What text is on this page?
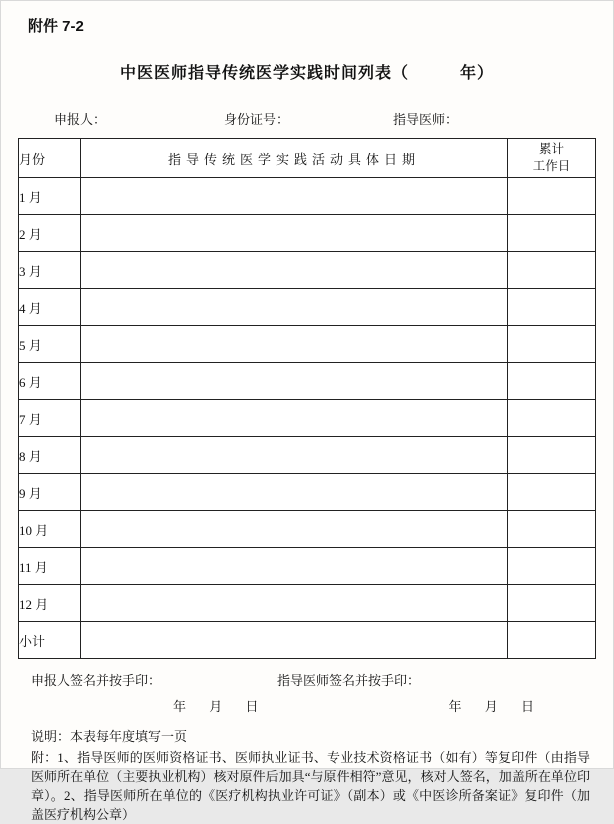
附件 7-2
中医医师指导传统医学实践时间列表（　　　年）
申报人：	身份证号：	指导医师：
月份	指导传统医学实践活动具体日期	累计
工作日

1 月		
2 月		
3 月		
4 月		
5 月		
6 月		
7 月		
8 月		
9 月		
10 月		
11 月		
12 月		
小计		
申报人签名并按手印：	指导医师签名并按手印：
年 月 日	年 月 日
说明：本表每年度填写一页
附：1、指导医师的医师资格证书、医师执业证书、专业技术资格证书（如有）等复印件（由指导医师所在单位（主要执业机构）核对原件后加具“与原件相符”意见，核对人签名，加盖所在单位印章）。2、指导医师所在单位的《医疗机构执业许可证》（副本）或《中医诊所备案证》复印件（加盖医疗机构公章）
